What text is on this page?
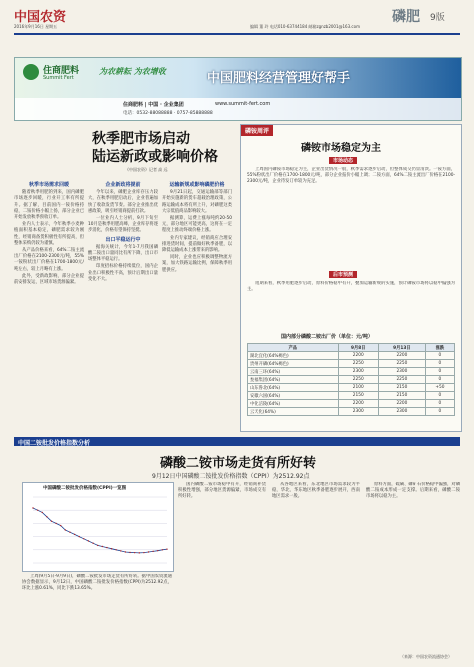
中国农资
2016年9月16日 星期五
磷肥 9版
编辑 董 玲 电话010-63744184 邮箱zgnzb2001@163.com
住商肥料
Summit Fert
为农耕耘 为农增收	中国肥料经营管理好帮手
住商肥料 | 中国 · 企业集团	www.summit-fert.com
电话：0532-88088888 · 0757-85888888
秋季肥市场启动
陆运新政或影响价格
《中国农资》记者 高 远
秋季市场需求回暖

随着秋季用肥的到来，国内磷肥市场逐步回暖，行业开工率有所提升。据了解，目前国内一铵价格持稳，二铵价格小幅上扬，部分企业已开始发放秋季预收订单。

业内人士表示，今年秋季小麦种植面积基本稳定，磷肥需求较为刚性，经销商备货积极性有所提高，但整体采购仍较为谨慎。

从产品价格来看，64%二铵主流出厂价格在2100-2300元/吨，55%一铵粉状出厂价格在1700-1800元/吨左右，较上月略有上涨。

此外，受新政影响，部分企业提前安排发运，区域市场货源偏紧。

企业新政将提前

今年以来，磷肥企业库存压力较大，在秋季用肥启动后，企业普遍加快了收款发货节奏。部分企业推出优惠政策，吸引经销商提前打款。

一位业内人士分析，9月下旬至10月是秋季用肥高峰，企业库存将逐步消化，价格有望保持坚挺。

出口平稳运行中

据海关统计，今年1-7月我国磷酸二铵出口量同比有所下降，出口市场整体平稳运行。

印度招标价格持续低位，国内企业出口积极性不高，预计后期出口量变化不大。

运输新规或影响磷肥价格

9月21日起，交通运输部等部门开始实施新的货车超载治理政策，公路运输成本将有所上升，对磷肥这类大宗低值商品影响较大。

据测算，运费上涨每吨约20-50元，部分地区可能更高，这将在一定程度上推动终端价格上涨。

业内专家建议，经销商应合理安排进货时间，提前做好秋季备肥，以降低运输成本上涨带来的影响。

同时，企业也应积极调整物流方案，加大铁路运输比例，保障秋季用肥供应。

磷铵周评
磷铵市场稳定为主
市场动态

上周国内磷铵市场稳定为主，企业出货情况一般，秋季需求逐步启动，但整体成交仍显清淡。一铵方面，55%粉状出厂价格在1700-1800元/吨，部分企业报价小幅上调；二铵方面，64%二铵主流出厂价格在2100-2300元/吨，企业待发订单较为充足。

后市预测

短期来看，秋季用肥逐步启动，原料价格稳中有升，叠加运输新规的实施，预计磷铵市场将以稳中偏强为主。

国内部分磷酸二铵出厂价（单位：元/吨）
产品	9月8日	9月13日	涨跌
湖北宜化(64%褐色)	2200	2200	0
贵州开磷(64%褐色)	2250	2250	0
云南三环(64%)	2300	2300	0
瓮福集团(64%)	2250	2250	0
山东鲁北(64%)	2100	2150	+50
安徽六国(64%)	2150	2150	0
中化涪陵(64%)	2200	2200	0
云天化(64%)	2300	2300	0
中国二铵批发价格指数分析
磷酸二铵市场走货有所好转
9月12日中国磷酸二铵批发价格指数（CPPI）为2512.92点
中国磷酸二铵批发价格指数(CPPI)一览图

上周(9月5日-9月9日)，磷酸二铵批发市场走货有所好转。据中国农资流通协会数据显示，9月12日，中国磷酸二铵批发价格指数(CPPI)为2512.92点，环比上涨0.61%，同比下跌13.65%。

国内磷酸二铵市场稳中有升，经销商补货积极性增强，部分地区货源偏紧，市场成交有所好转。

从各地区来看，东北地区市场需求较为平稳，华北、华东地区秋季备肥逐步展开，西南地区需求一般。

原料方面，硫磺、磷矿石价格稳中偏强，对磷酸二铵成本形成一定支撑。后期来看，磷酸二铵市场将以稳为主。

（来源：中国农资流通协会）
